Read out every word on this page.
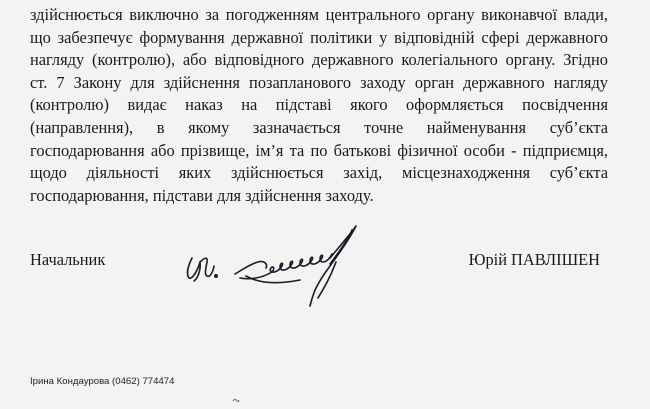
здійснюється виключно за погодженням центрального органу виконавчої влади,
що забезпечує формування державної політики у відповідній сфері державного
нагляду (контролю), або відповідного державного колегіального органу. Згідно
ст. 7 Закону для здійснення позапланового заходу орган державного нагляду
(контролю) видає наказ на підставі якого оформляється посвідчення
(направлення), в якому зазначається точне найменування суб’єкта
господарювання або прізвище, ім’я та по батькові фізичної особи - підприємця,
щодо діяльності яких здійснюється захід, місцезнаходження суб’єкта
господарювання, підстави для здійснення заходу.
Начальник	Юрій ПАВЛІШЕН
Ірина Кондаурова (0462) 774474
